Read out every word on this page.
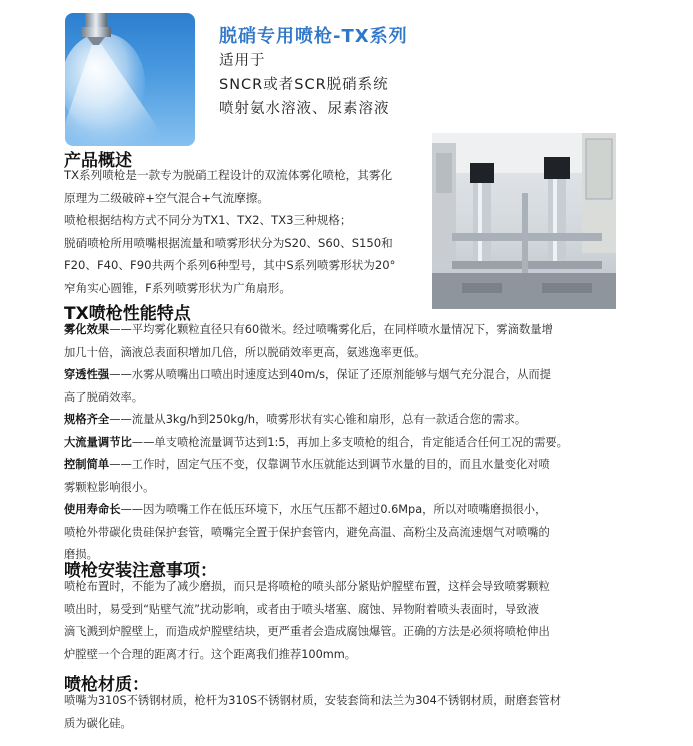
脱硝专用喷枪-TX系列
适用于
SNCR或者SCR脱硝系统
喷射氨水溶液、尿素溶液
产品概述

TX系列喷枪是一款专为脱硝工程设计的双流体雾化喷枪，其雾化

原理为二级破碎+空气混合+气流摩擦。

喷枪根据结构方式不同分为TX1、TX2、TX3三种规格；

脱硝喷枪所用喷嘴根据流量和喷雾形状分为S20、S60、S150和

F20、F40、F90共两个系列6种型号，其中S系列喷雾形状为20°

窄角实心圆锥，F系列喷雾形状为广角扇形。

TX喷枪性能特点

雾化效果——平均雾化颗粒直径只有60微米。经过喷嘴雾化后，在同样喷水量情况下，雾滴数量增

加几十倍，滴液总表面积增加几倍，所以脱硝效率更高，氨逃逸率更低。

穿透性强——水雾从喷嘴出口喷出时速度达到40m/s，保证了还原剂能够与烟气充分混合，从而提

高了脱硝效率。

规格齐全——流量从3kg/h到250kg/h，喷雾形状有实心锥和扇形，总有一款适合您的需求。

大流量调节比——单支喷枪流量调节达到1:5，再加上多支喷枪的组合，肯定能适合任何工况的需要。

控制简单——工作时，固定气压不变，仅靠调节水压就能达到调节水量的目的，而且水量变化对喷

雾颗粒影响很小。

使用寿命长——因为喷嘴工作在低压环境下，水压气压都不超过0.6Mpa，所以对喷嘴磨损很小，

喷枪外带碳化贵硅保护套管，喷嘴完全置于保护套管内，避免高温、高粉尘及高流速烟气对喷嘴的

磨损。

喷枪安装注意事项：

喷枪布置时，不能为了减少磨损，而只是将喷枪的喷头部分紧贴炉膛壁布置，这样会导致喷雾颗粒

喷出时，易受到“贴壁气流”扰动影响，或者由于喷头堵塞、腐蚀、异物附着喷头表面时，导致液

滴飞溅到炉膛壁上，而造成炉膛壁结块，更严重者会造成腐蚀爆管。正确的方法是必须将喷枪伸出

炉膛壁一个合理的距离才行。这个距离我们推荐100mm。

喷枪材质：

喷嘴为310S不锈钢材质，枪杆为310S不锈钢材质，安装套筒和法兰为304不锈钢材质，耐磨套管材

质为碳化硅。
